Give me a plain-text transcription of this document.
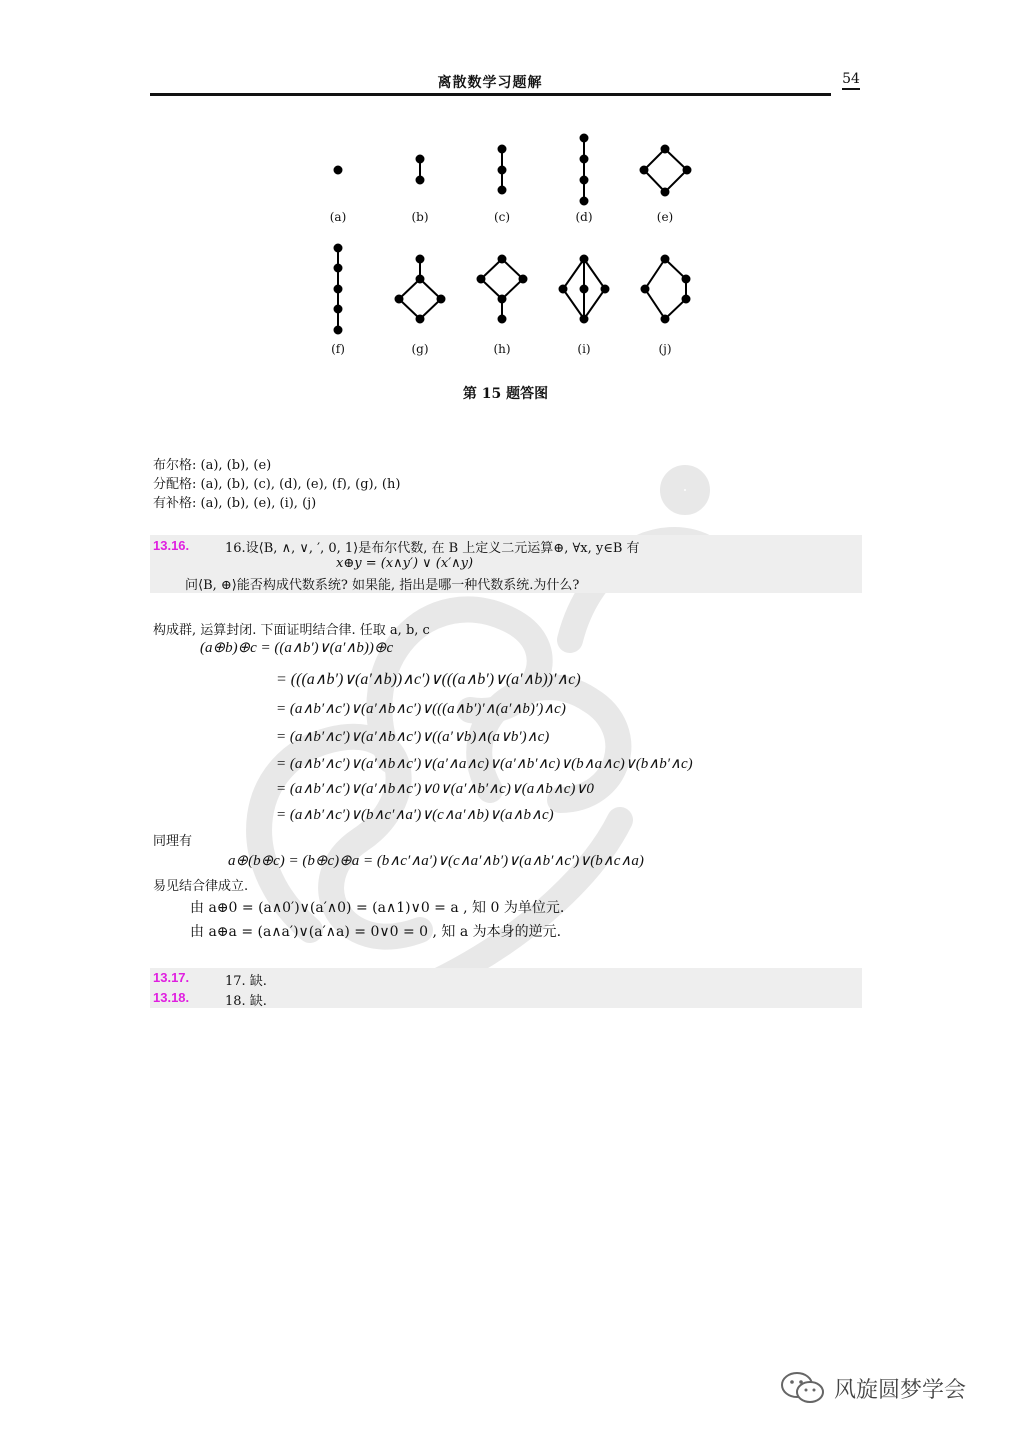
离散数学习题解	54
(a)	(b)	(c)	(d)	(e)
(f)	(g)	(h)	(i)	(j)
第 15 题答图
布尔格: (a), (b), (e)
分配格: (a), (b), (c), (d), (e), (f), (g), (h)
有补格: (a), (b), (e), (i), (j)
13.16.	16.设⟨B, ∧, ∨, ′, 0, 1⟩是布尔代数, 在 B 上定义二元运算⊕, ∀x, y∈B 有
x⊕y = (x∧y′) ∨ (x′∧y)
问⟨B, ⊕⟩能否构成代数系统? 如果能, 指出是哪一种代数系统.为什么?
构成群, 运算封闭. 下面证明结合律. 任取 a, b, c
(a⊕b)⊕c = ((a∧b′)∨(a′∧b))⊕c
= (((a∧b′)∨(a′∧b))∧c′)∨(((a∧b′)∨(a′∧b))′∧c)
= (a∧b′∧c′)∨(a′∧b∧c′)∨(((a∧b′)′∧(a′∧b)′)∧c)
= (a∧b′∧c′)∨(a′∧b∧c′)∨((a′∨b)∧(a∨b′)∧c)
= (a∧b′∧c′)∨(a′∧b∧c′)∨(a′∧a∧c)∨(a′∧b′∧c)∨(b∧a∧c)∨(b∧b′∧c)
= (a∧b′∧c′)∨(a′∧b∧c′)∨0∨(a′∧b′∧c)∨(a∧b∧c)∨0
= (a∧b′∧c′)∨(b∧c′∧a′)∨(c∧a′∧b)∨(a∧b∧c)
同理有
a⊕(b⊕c) = (b⊕c)⊕a = (b∧c′∧a′)∨(c∧a′∧b′)∨(a∧b′∧c′)∨(b∧c∧a)
易见结合律成立.
由 a⊕0 = (a∧0′)∨(a′∧0) = (a∧1)∨0 = a , 知 0 为单位元.
由 a⊕a = (a∧a′)∨(a′∧a) = 0∨0 = 0 , 知 a 为本身的逆元.
13.17.	17. 缺.
13.18.	18. 缺.
风旋圆梦学会
